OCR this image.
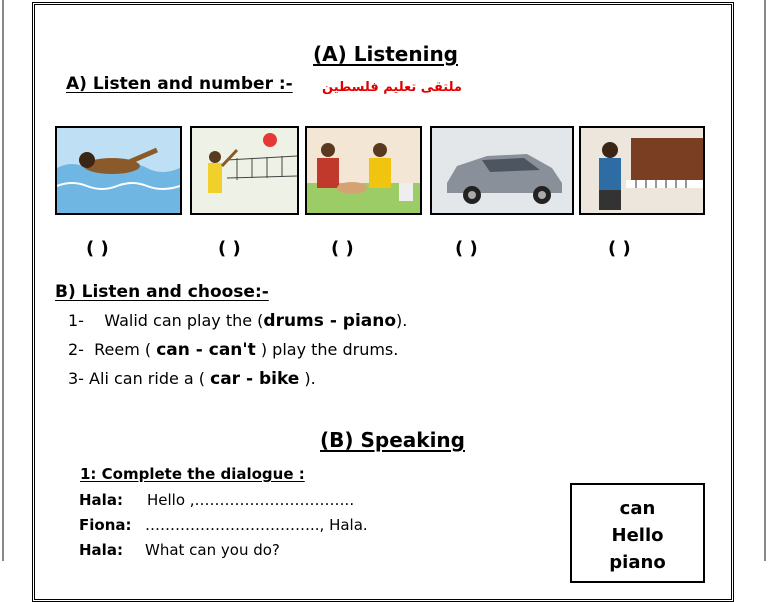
(A) Listening
A) Listen and number :- ملتقى تعليم فلسطين
( )	( )	( )	( )	( )
B) Listen and choose:-
1- Walid can play the (drums - piano).
2- Reem ( can - can't ) play the drums.
3- Ali can ride a ( car - bike ).
(B) Speaking
1: Complete the dialogue :
Hala: Hello ,…………………………..
Fiona: …………………………….., Hala.
Hala: What can you do?
can
Hello
piano
